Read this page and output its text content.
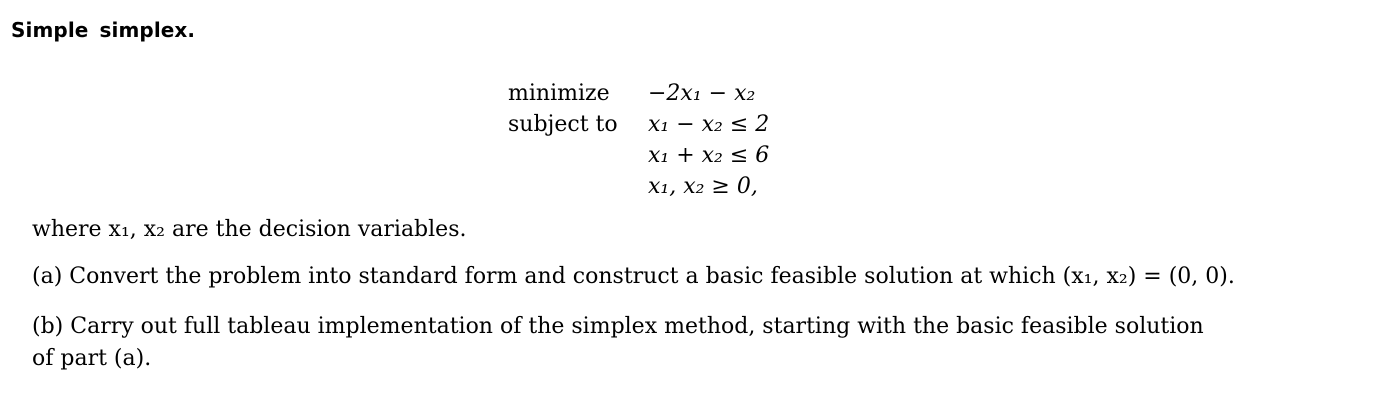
Simple simplex.
minimize	−2x₁ − x₂
subject to	x₁ − x₂ ≤ 2
x₁ + x₂ ≤ 6
x₁, x₂ ≥ 0,
where x₁, x₂ are the decision variables.
(a) Convert the problem into standard form and construct a basic feasible solution at which (x₁, x₂) = (0, 0).
(b) Carry out full tableau implementation of the simplex method, starting with the basic feasible solution
of part (a).
